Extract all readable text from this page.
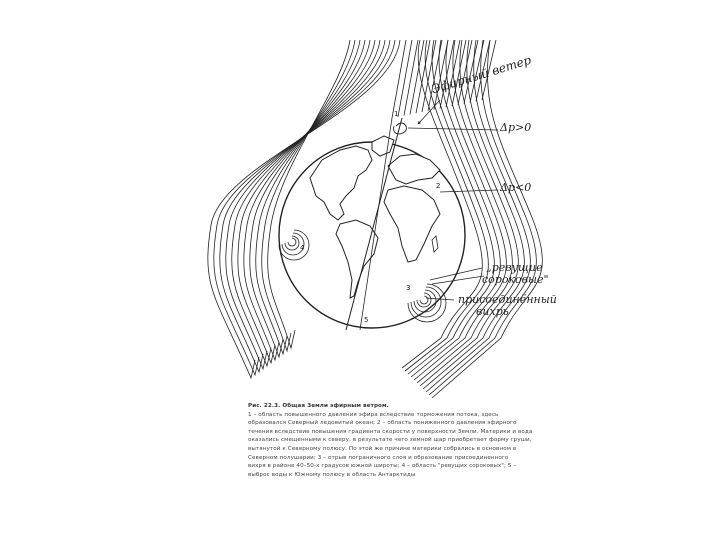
1
2
3
4
5
Эфирный ветер
Δр>0
Δр<0
„ревущие
сороковые"
присоединённый
вихрь
Рис. 22.3. Общая Земли эфирным ветром.
1 – область повышенного давления эфира вследствие торможения потока, здесь
образовался Северный ледовитый океан; 2 – область пониженного давления эфирного
течения вследствие повышения градиента скорости у поверхности Земли. Материки и вода
оказались смещенными к северу, в результате чего земной шар приобретает форму груши,
вытянутой к Северному полюсу. По этой же причине материки собрались в основном в
Северном полушарии; 3 – отрыв пограничного слоя и образование присоединенного
вихря в районе 40–50-х градусов южной широты; 4 – область "ревущих сороковых"; 5 –
выброс воды к Южному полюсу в область Антарктиды
